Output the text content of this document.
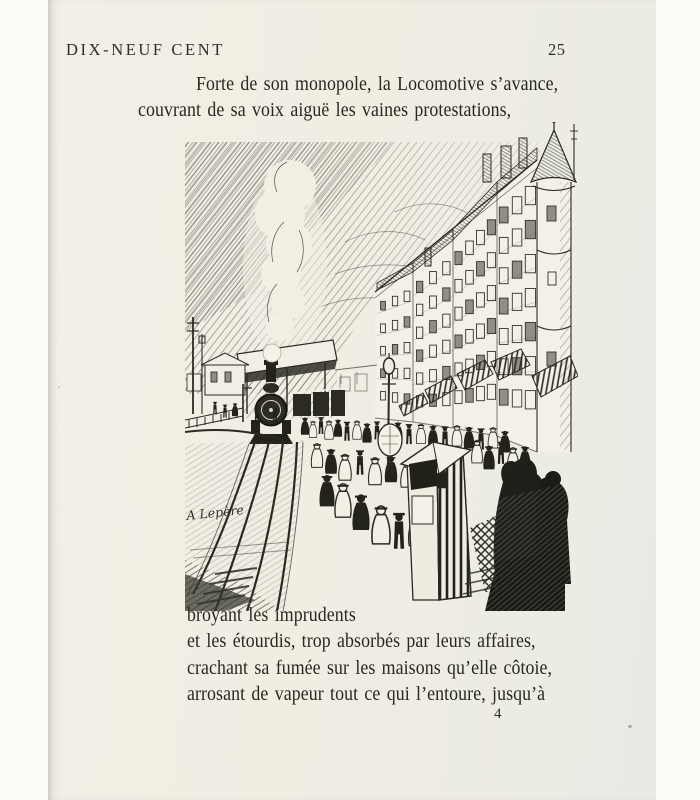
DIX-NEUF CENT	25
Forte de son monopole, la Locomotive s’avance,
couvrant de sa voix aiguë les vaines protestations,
A Lepère
broyant les imprudents
et les étourdis, trop absorbés par leurs affaires,
crachant sa fumée sur les maisons qu’elle côtoie,
arrosant de vapeur tout ce qui l’entoure, jusqu’à
4
